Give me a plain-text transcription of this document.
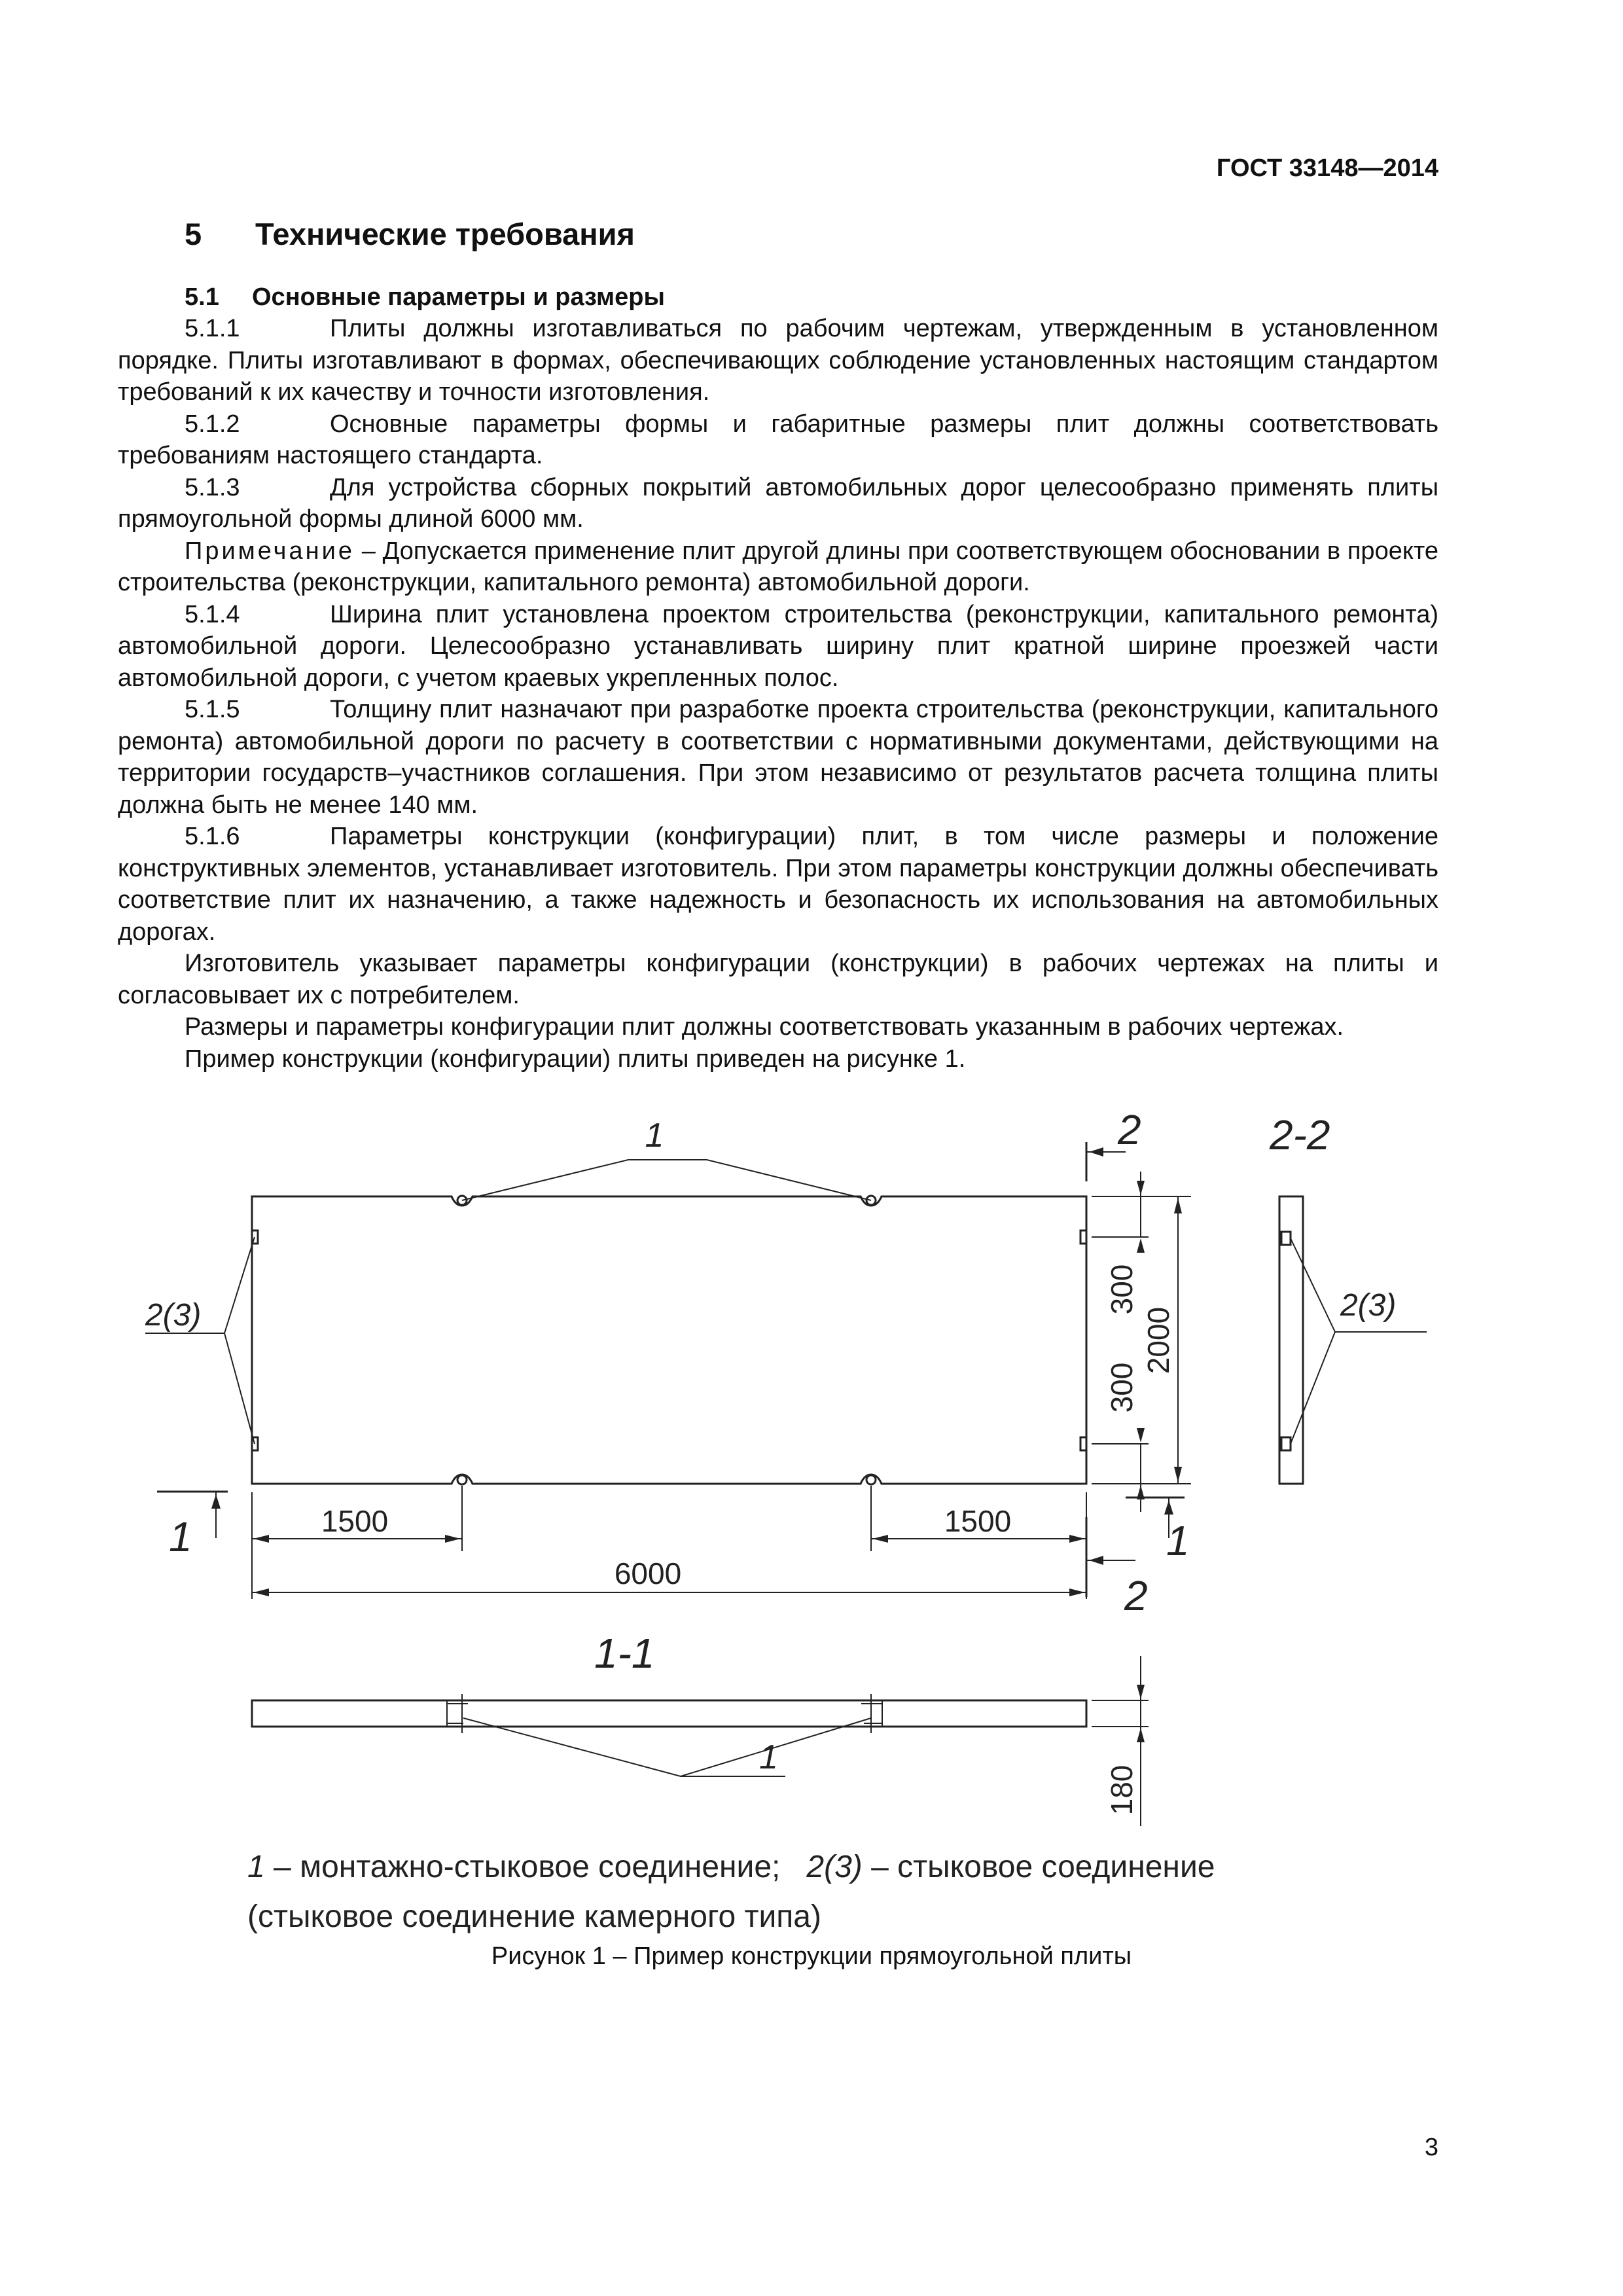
ГОСТ 33148—2014
5 Технические требования
5.1 Основные параметры и размеры

5.1.1	Плиты должны изготавливаться по рабочим чертежам, утвержденным в установленном порядке. Плиты изготавливают в формах, обеспечивающих соблюдение установленных настоящим стандартом требований к их качеству и точности изготовления.

5.1.2	Основные параметры формы и габаритные размеры плит должны соответствовать требованиям настоящего стандарта.

5.1.3	Для устройства сборных покрытий автомобильных дорог целесообразно применять плиты прямоугольной формы длиной 6000 мм.

Примечание – Допускается применение плит другой длины при соответствующем обосновании в проекте строительства (реконструкции, капитального ремонта) автомобильной дороги.

5.1.4	Ширина плит установлена проектом строительства (реконструкции, капитального ремонта) автомобильной дороги. Целесообразно устанавливать ширину плит кратной ширине проезжей части автомобильной дороги, с учетом краевых укрепленных полос.

5.1.5	Толщину плит назначают при разработке проекта строительства (реконструкции, капитального ремонта) автомобильной дороги по расчету в соответствии с нормативными документами, действующими на территории государств–участников соглашения. При этом независимо от результатов расчета толщина плиты должна быть не менее 140 мм.

5.1.6	Параметры конструкции (конфигурации) плит, в том числе размеры и положение конструктивных элементов, устанавливает изготовитель. При этом параметры конструкции должны обеспечивать соответствие плит их назначению, а также надежность и безопасность их использования на автомобильных дорогах.

Изготовитель указывает параметры конфигурации (конструкции) в рабочих чертежах на плиты и согласовывает их с потребителем.

Размеры и параметры конфигурации плит должны соответствовать указанным в рабочих чертежах.

Пример конструкции (конфигурации) плиты приведен на рисунке 1.

1
2(3)
1
2
2
1
1500	1500
6000
300
300
2000
2-2
2(3)
1-1
1
180
1 – монтажно-стыковое соединение; 2(3) – стыковое соединение
(стыковое соединение камерного типа)
Рисунок 1 – Пример конструкции прямоугольной плиты
3
